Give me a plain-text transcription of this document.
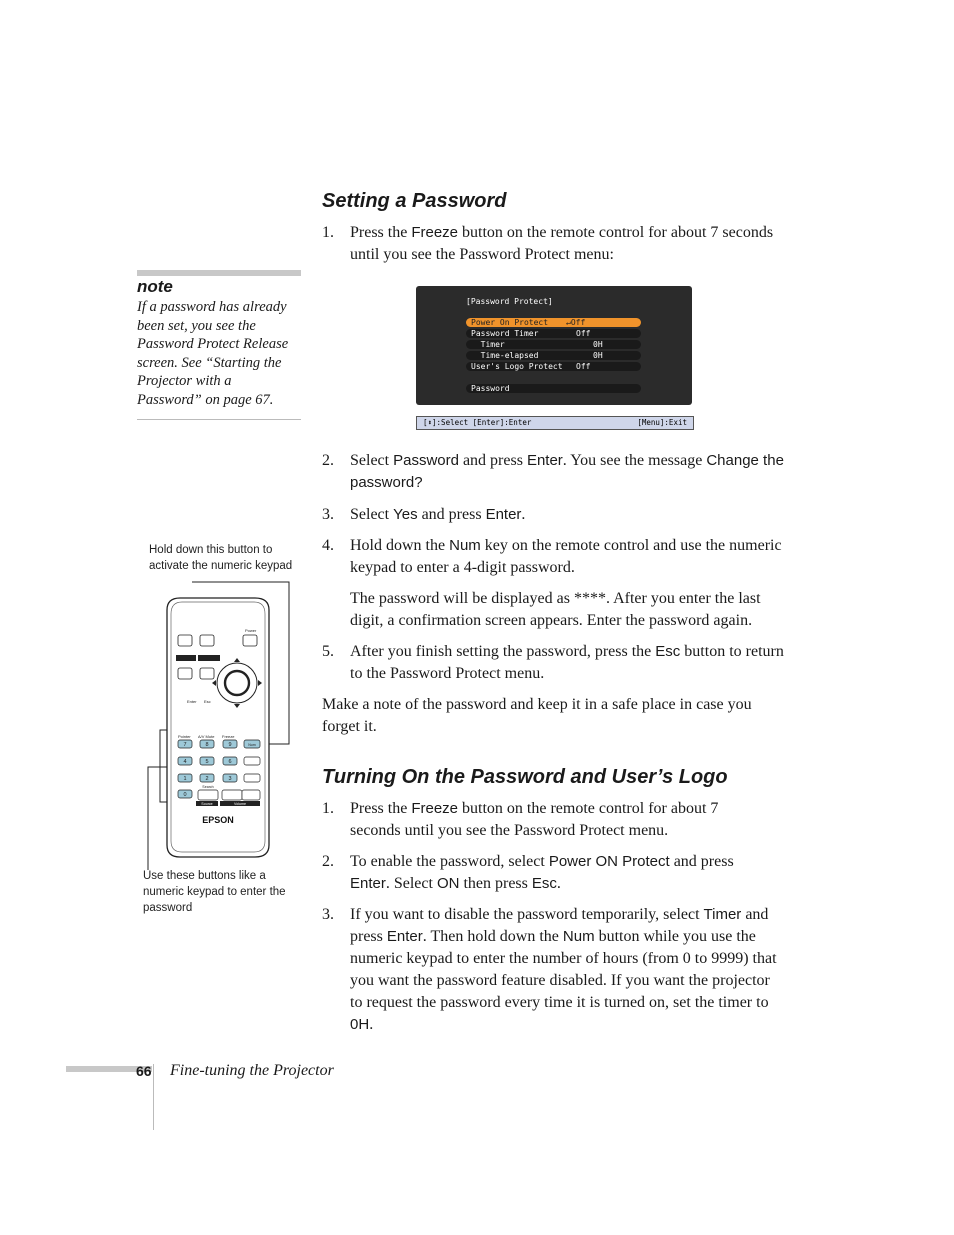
Setting a Password
1. Press the Freeze button on the remote control for about 7 seconds until you see the Password Protect menu:
2. Select Password and press Enter. You see the message Change the password?
3. Select Yes and press Enter.
4. Hold down the Num key on the remote control and use the numeric keypad to enter a 4-digit password.
The password will be displayed as ****. After you enter the last digit, a confirmation screen appears. Enter the password again.
5. After you finish setting the password, press the Esc button to return to the Password Protect menu.
Make a note of the password and keep it in a safe place in case you forget it.
Turning On the Password and User’s Logo
1. Press the Freeze button on the remote control for about 7 seconds until you see the Password Protect menu.
2. To enable the password, select Power ON Protect and press Enter. Select ON then press Esc.
3. If you want to disable the password temporarily, select Timer and press Enter. Then hold down the Num button while you use the numeric keypad to enter the number of hours (from 0 to 9999) that you want the password feature disabled. If you want the projector to request the password every time it is turned on, set the timer to 0H.
note
If a password has already been set, you see the Password Protect Release screen. See “Starting the Projector with a Password” on page 67.
[Password Protect]
Power On Protect ↵Off
Password Timer	Off
Timer	0H
Time-elapsed	0H
User's Logo Protect Off
Password
[⬍]:Select [Enter]:Enter	[Menu]:Exit
Hold down this button to activate the numeric keypad
Use these buttons like a numeric keypad to enter the password
Enter Esc
Power
Pointer A/V Mute Freeze
7	8	9
4	5	6
1	2	3
0
Num
Source	Volume
Search
EPSON
66 Fine-tuning the Projector
